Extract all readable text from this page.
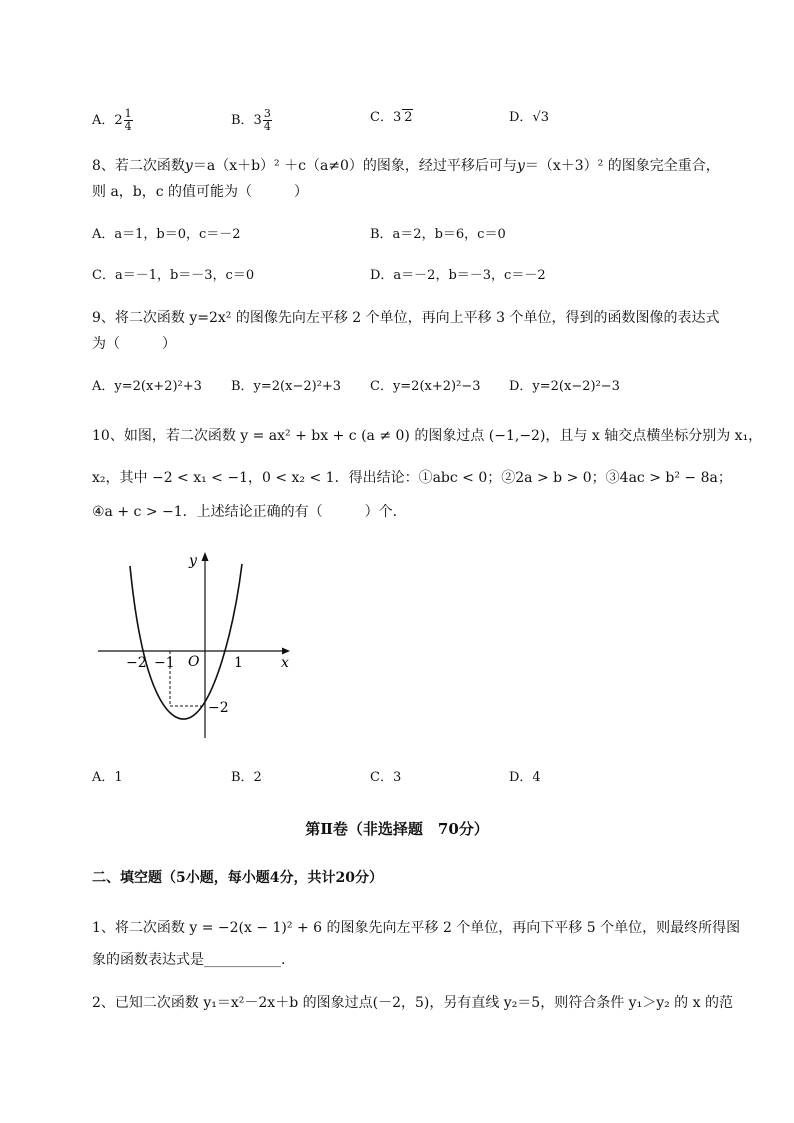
A．$2 \frac{1}{4}$	B．$3 \frac{3}{4}$	C．3 2	D．√3
8、若二次函数y＝a（x＋b）² ＋c（a≠0）的图象，经过平移后可与y＝（x＋3）² 的图象完全重合，
则 a，b，c 的值可能为（　　　）
A．a＝1，b＝0，c＝－2	B．a＝2，b＝6，c＝0
C．a＝－1，b＝－3，c＝0	D．a＝－2，b＝－3，c＝－2
9、将二次函数 y=2x² 的图像先向左平移 2 个单位，再向上平移 3 个单位，得到的函数图像的表达式
为（　　　）
A．y=2(x+2)²+3 B．y=2(x−2)²+3 C．y=2(x+2)²−3 D．y=2(x−2)²−3
10、如图，若二次函数 y = ax² + bx + c (a ≠ 0) 的图象过点 (−1,−2)，且与 x 轴交点横坐标分别为 x₁，
x₂，其中 −2 < x₁ < −1，0 < x₂ < 1．得出结论：①abc < 0；②2a > b > 0；③4ac > b² − 8a；
④a + c > −1．上述结论正确的有（　　　）个．
y
x
O
−2 −1	1
−2
A．1	B．2	C．3	D．4
第Ⅱ卷（非选择题　70分）
二、填空题（5小题，每小题4分，共计20分）
1、将二次函数 y = −2(x − 1)² + 6 的图象先向左平移 2 个单位，再向下平移 5 个单位，则最终所得图
象的函数表达式是___________.
2、已知二次函数 y₁＝x²－2x＋b 的图象过点(－2，5)，另有直线 y₂＝5，则符合条件 y₁＞y₂ 的 x 的范
